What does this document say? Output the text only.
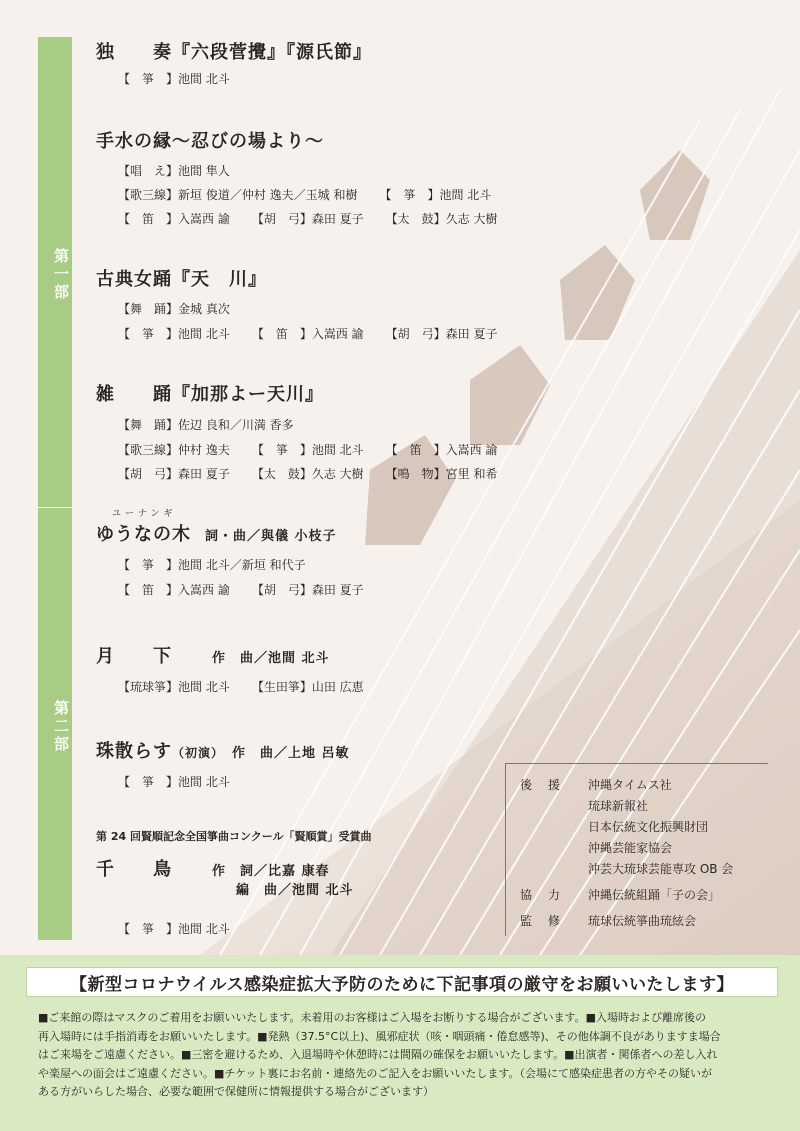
第一部
第二部
独　　奏『六段菅攪』『源氏節』
【　箏　】池間 北斗
手水の縁～忍びの場より～
【唱　え】池間 隼人
【歌三線】新垣 俊道／仲村 逸夫／玉城 和樹 【　箏　】池間 北斗
【　笛　】入嵩西 諭 【胡　弓】森田 夏子 【太　鼓】久志 大樹
古典女踊『天　川』
【舞　踊】金城 真次
【　箏　】池間 北斗 【　笛　】入嵩西 諭 【胡　弓】森田 夏子
雑　　踊『加那よー天川』
【舞　踊】佐辺 良和／川満 香多
【歌三線】仲村 逸夫 【　箏　】池間 北斗 【　笛　】入嵩西 諭
【胡　弓】森田 夏子 【太　鼓】久志 大樹 【鳴　物】宮里 和希
ユーナンギ
ゆうなの木 詞・曲／與儀 小枝子
【　箏　】池間 北斗／新垣 和代子
【　笛　】入嵩西 諭 【胡　弓】森田 夏子
月　　下	作　曲／池間 北斗
【琉球箏】池間 北斗 【生田箏】山田 広恵
珠散らす（初演） 作　曲／上地 呂敏
【　箏　】池間 北斗
第 24 回賢順記念全国箏曲コンクール「賢順賞」受賞曲
千　　鳥	作　詞／比嘉 康春
編　曲／池間 北斗
【　箏　】池間 北斗
後援 沖縄タイムス社
琉球新報社
日本伝統文化振興財団
沖縄芸能家協会
沖芸大琉球芸能専攻 OB 会
協力 沖縄伝統組踊「子の会」
監修 琉球伝統箏曲琉絃会
【新型コロナウイルス感染症拡大予防のために下記事項の厳守をお願いいたします】

■ご来館の際はマスクのご着用をお願いいたします。未着用のお客様はご入場をお断りする場合がございます。■入場時および離席後の

再入場時には手指消毒をお願いいたします。■発熱（37.5°C以上)、風邪症状（咳・咽頭痛・倦怠感等)、その他体調不良がありますま場合

はご来場をご遠慮ください。■三密を避けるため、入退場時や休憩時には間隔の確保をお願いいたします。■出演者・関係者への差し入れ

や楽屋への面会はご遠慮ください。■チケット裏にお名前・連絡先のご記入をお願いいたします。（会場にて感染症患者の方やその疑いが

ある方がいらした場合、必要な範囲で保健所に情報提供する場合がございます）
